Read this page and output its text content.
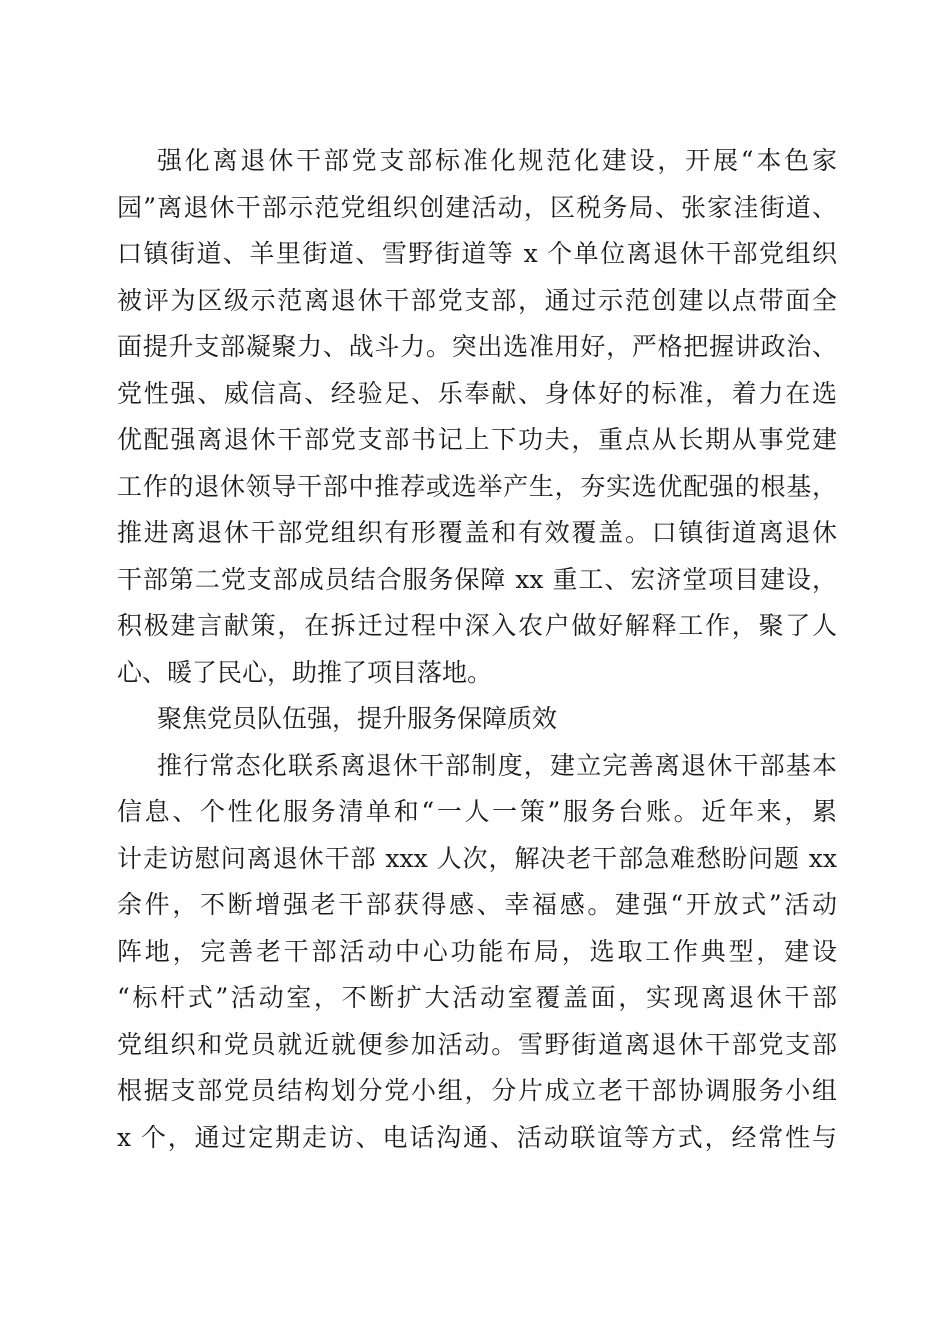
强化离退休干部党支部标准化规范化建设，开展“本色家
园”离退休干部示范党组织创建活动，区税务局、张家洼街道、
口镇街道、羊里街道、雪野街道等 x 个单位离退休干部党组织
被评为区级示范离退休干部党支部，通过示范创建以点带面全
面提升支部凝聚力、战斗力。突出选准用好，严格把握讲政治、
党性强、威信高、经验足、乐奉献、身体好的标准，着力在选
优配强离退休干部党支部书记上下功夫，重点从长期从事党建
工作的退休领导干部中推荐或选举产生，夯实选优配强的根基，
推进离退休干部党组织有形覆盖和有效覆盖。口镇街道离退休
干部第二党支部成员结合服务保障 xx 重工、宏济堂项目建设，
积极建言献策，在拆迁过程中深入农户做好解释工作，聚了人
心、暖了民心，助推了项目落地。
聚焦党员队伍强，提升服务保障质效
推行常态化联系离退休干部制度，建立完善离退休干部基本
信息、个性化服务清单和“一人一策”服务台账。近年来，累
计走访慰问离退休干部 xxx 人次，解决老干部急难愁盼问题 xx
余件，不断增强老干部获得感、幸福感。建强“开放式”活动
阵地，完善老干部活动中心功能布局，选取工作典型，建设
“标杆式”活动室，不断扩大活动室覆盖面，实现离退休干部
党组织和党员就近就便参加活动。雪野街道离退休干部党支部
根据支部党员结构划分党小组，分片成立老干部协调服务小组
x 个，通过定期走访、电话沟通、活动联谊等方式，经常性与
